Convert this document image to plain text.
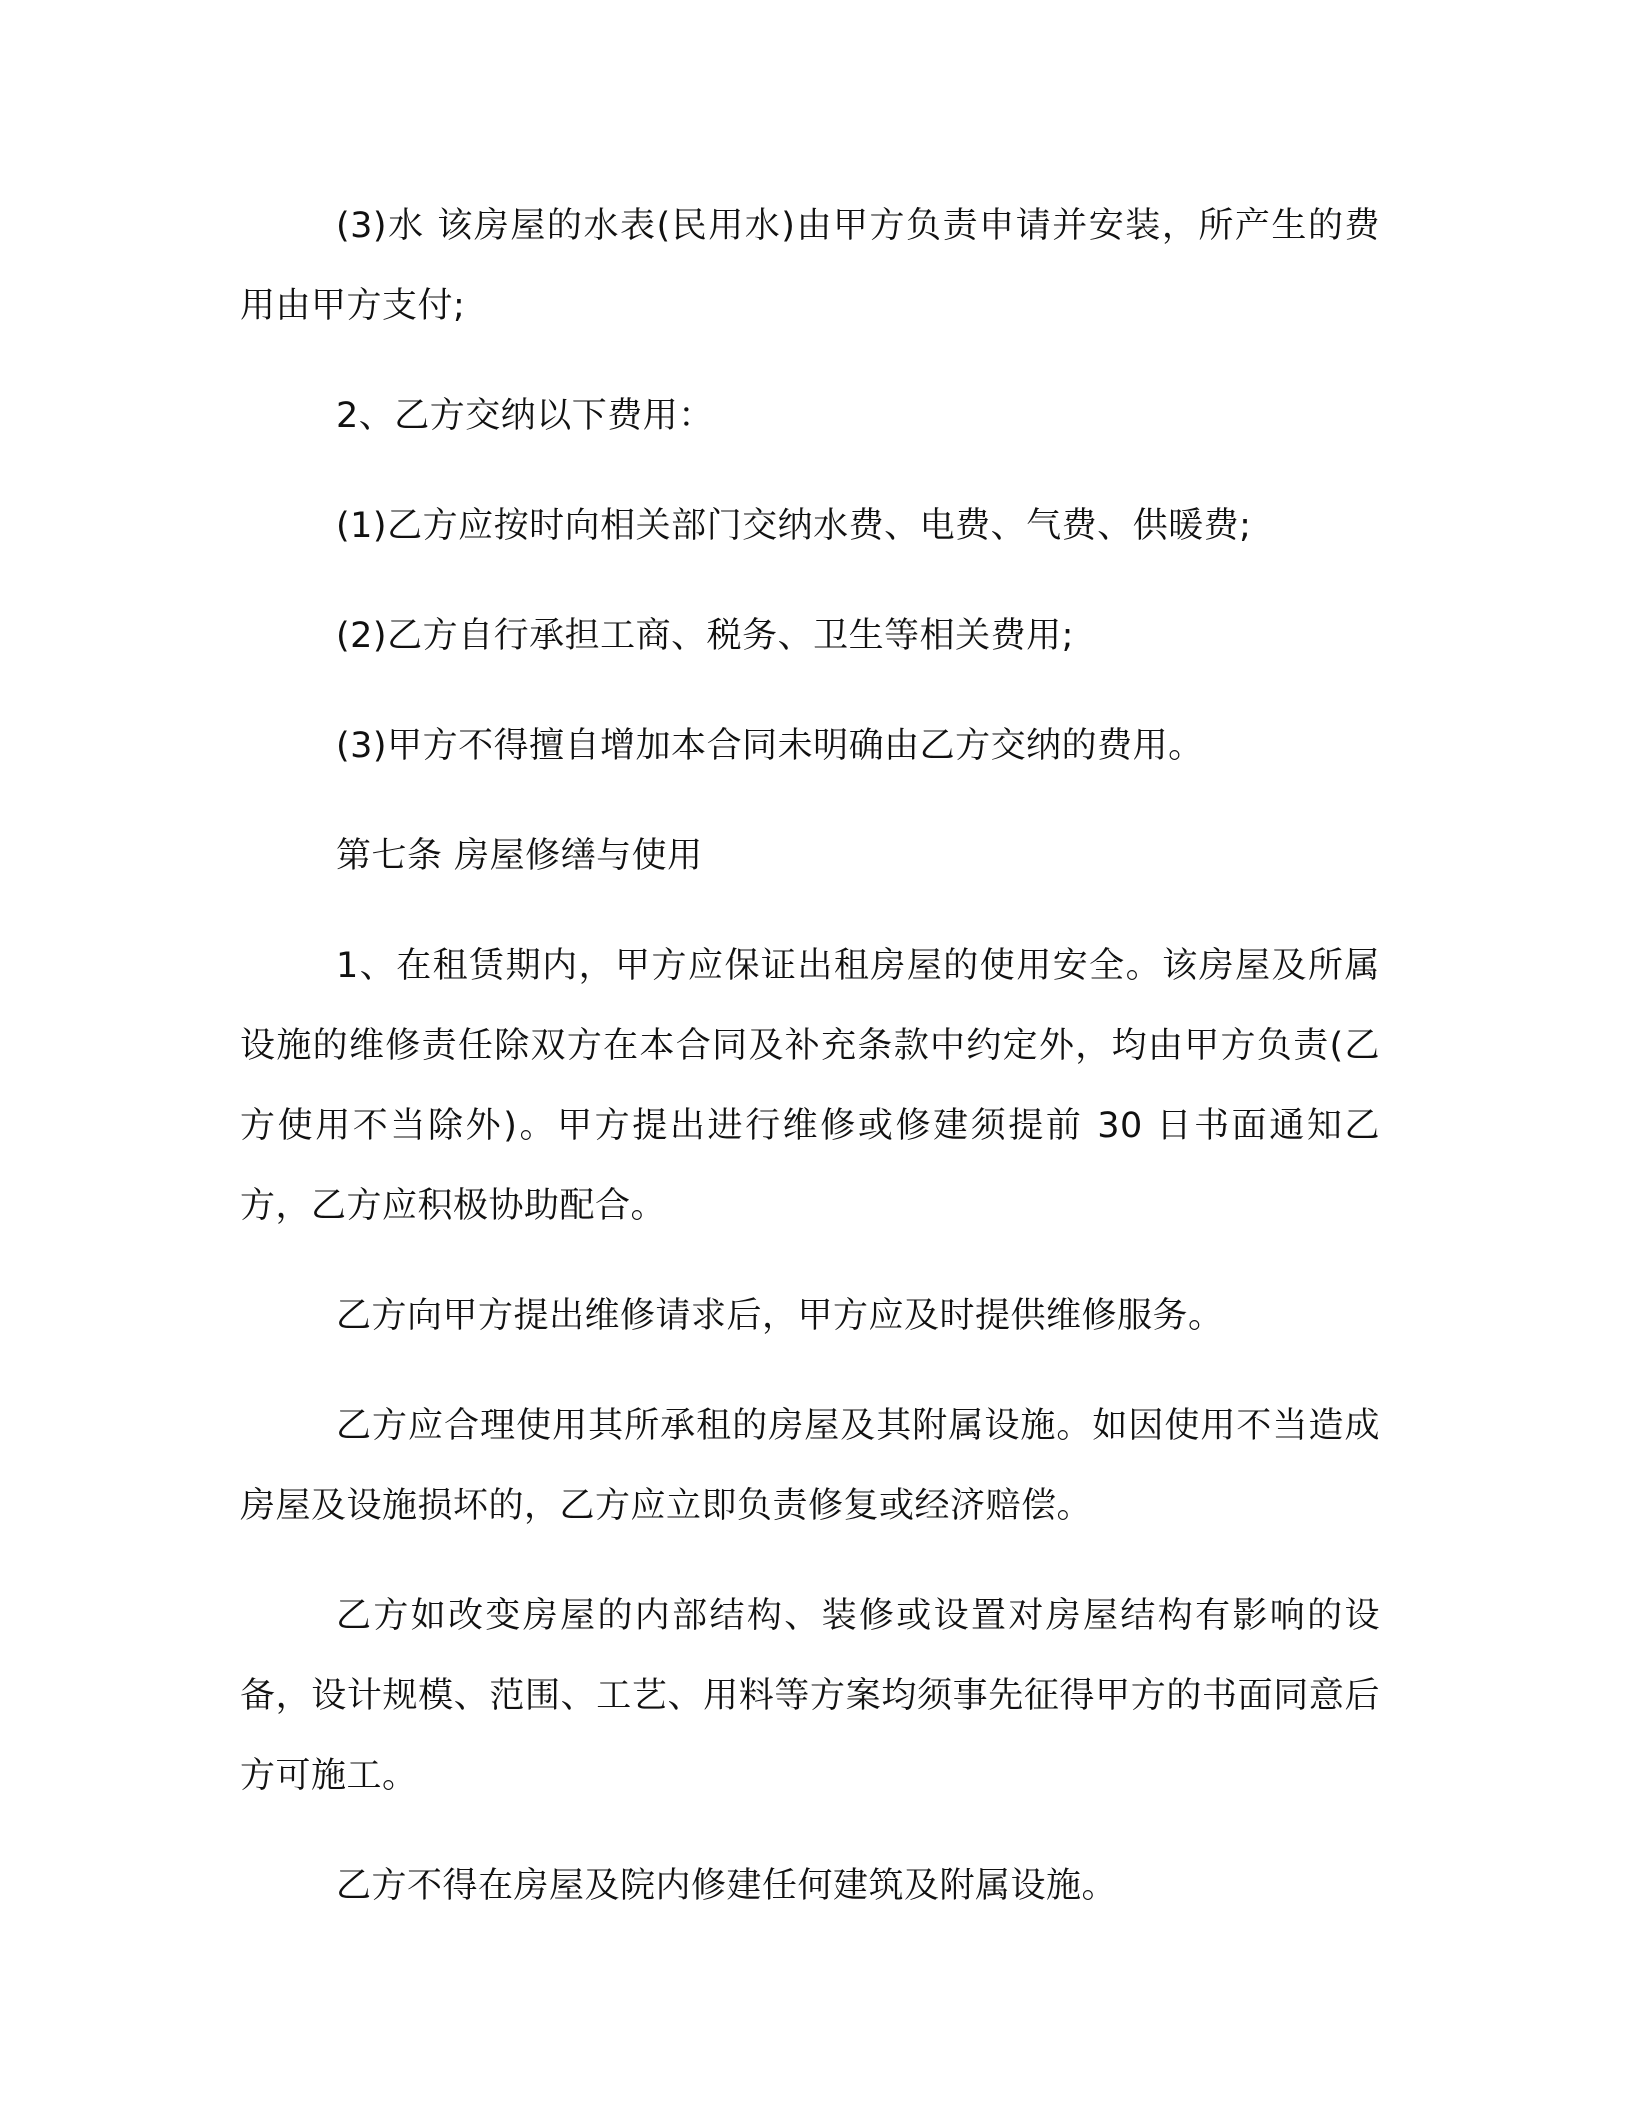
(3)水 该房屋的水表(民用水)由甲方负责申请并安装，所产生的费用由甲方支付;

2、乙方交纳以下费用：

(1)乙方应按时向相关部门交纳水费、电费、气费、供暖费;

(2)乙方自行承担工商、税务、卫生等相关费用;

(3)甲方不得擅自增加本合同未明确由乙方交纳的费用。

第七条 房屋修缮与使用

1、在租赁期内，甲方应保证出租房屋的使用安全。该房屋及所属设施的维修责任除双方在本合同及补充条款中约定外，均由甲方负责(乙方使用不当除外)。甲方提出进行维修或修建须提前 30 日书面通知乙方，乙方应积极协助配合。

乙方向甲方提出维修请求后，甲方应及时提供维修服务。

乙方应合理使用其所承租的房屋及其附属设施。如因使用不当造成房屋及设施损坏的，乙方应立即负责修复或经济赔偿。

乙方如改变房屋的内部结构、装修或设置对房屋结构有影响的设备，设计规模、范围、工艺、用料等方案均须事先征得甲方的书面同意后方可施工。

乙方不得在房屋及院内修建任何建筑及附属设施。
